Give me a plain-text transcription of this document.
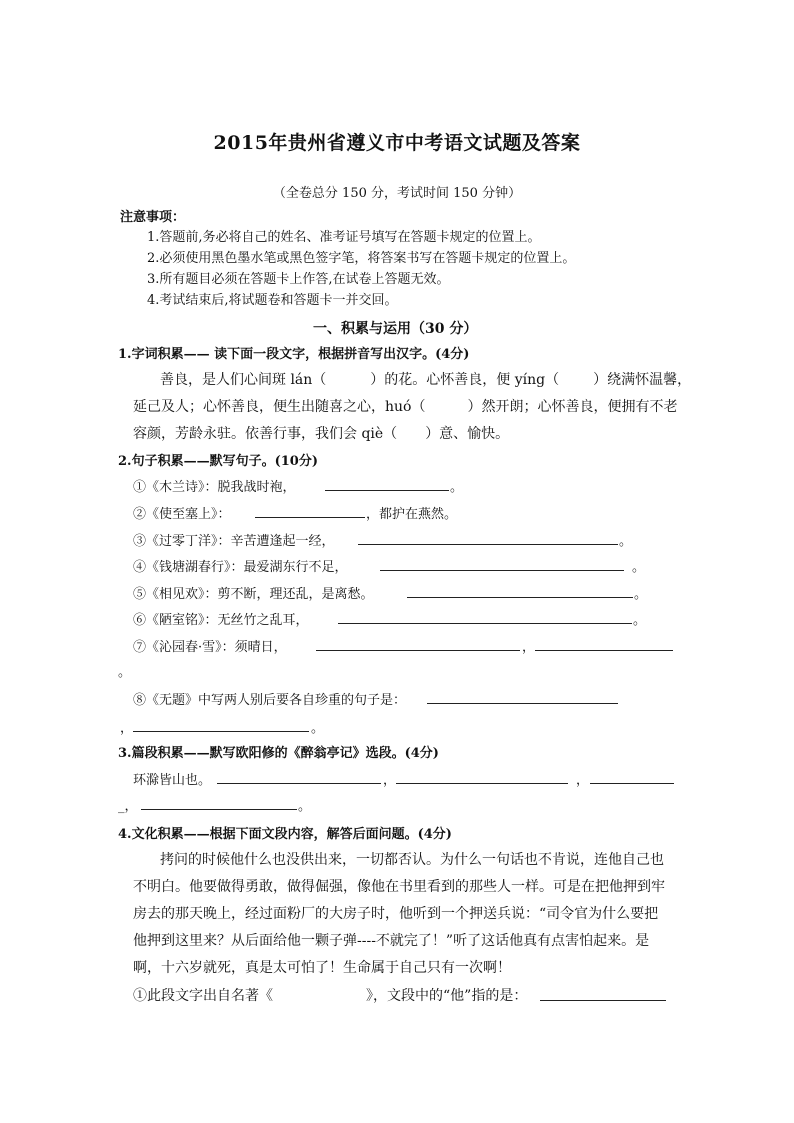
2015年贵州省遵义市中考语文试题及答案
（全卷总分 150 分，考试时间 150 分钟）
注意事项：
1.答题前,务必将自己的姓名、准考证号填写在答题卡规定的位置上。
2.必须使用黑色墨水笔或黑色签字笔，将答案书写在答题卡规定的位置上。
3.所有题目必须在答题卡上作答,在试卷上答题无效。
4.考试结束后,将试题卷和答题卡一并交回。
一、积累与运用（30 分）
1.字词积累—— 读下面一段文字，根据拼音写出汉字。(4分)
善良，是人们心间斑 lán（	）的花。心怀善良，便 yíng（ ）绕满怀温馨，
延己及人；心怀善良，便生出随喜之心，huó（	）然开朗；心怀善良，便拥有不老
容颜，芳龄永驻。依善行事，我们会 qiè（ ）意、愉快。
2.句子积累——默写句子。(10分)
①《木兰诗》：脱我战时袍，	。
②《使至塞上》：	，都护在燕然。
③《过零丁洋》：辛苦遭逢起一经，	。
④《钱塘湖春行》：最爱湖东行不足，	。
⑤《相见欢》：剪不断，理还乱，是离愁。	。
⑥《陋室铭》：无丝竹之乱耳，	。
⑦《沁园春·雪》：须晴日，	，
。
⑧《无题》中写两人别后要各自珍重的句子是：
，	。
3.篇段积累——默写欧阳修的《醉翁亭记》选段。(4分)
环滁皆山也。	，	，
_，	。
4.文化积累——根据下面文段内容，解答后面问题。(4分)
拷问的时候他什么也没供出来，一切都否认。为什么一句话也不肯说，连他自己也
不明白。他要做得勇敢，做得倔强，像他在书里看到的那些人一样。可是在把他押到牢
房去的那天晚上，经过面粉厂的大房子时，他听到一个押送兵说：“司令官为什么要把
他押到这里来？从后面给他一颗子弹----不就完了！”听了这话他真有点害怕起来。是
啊，十六岁就死，真是太可怕了！生命属于自己只有一次啊！
①此段文字出自名著《	》，文段中的“他”指的是：
